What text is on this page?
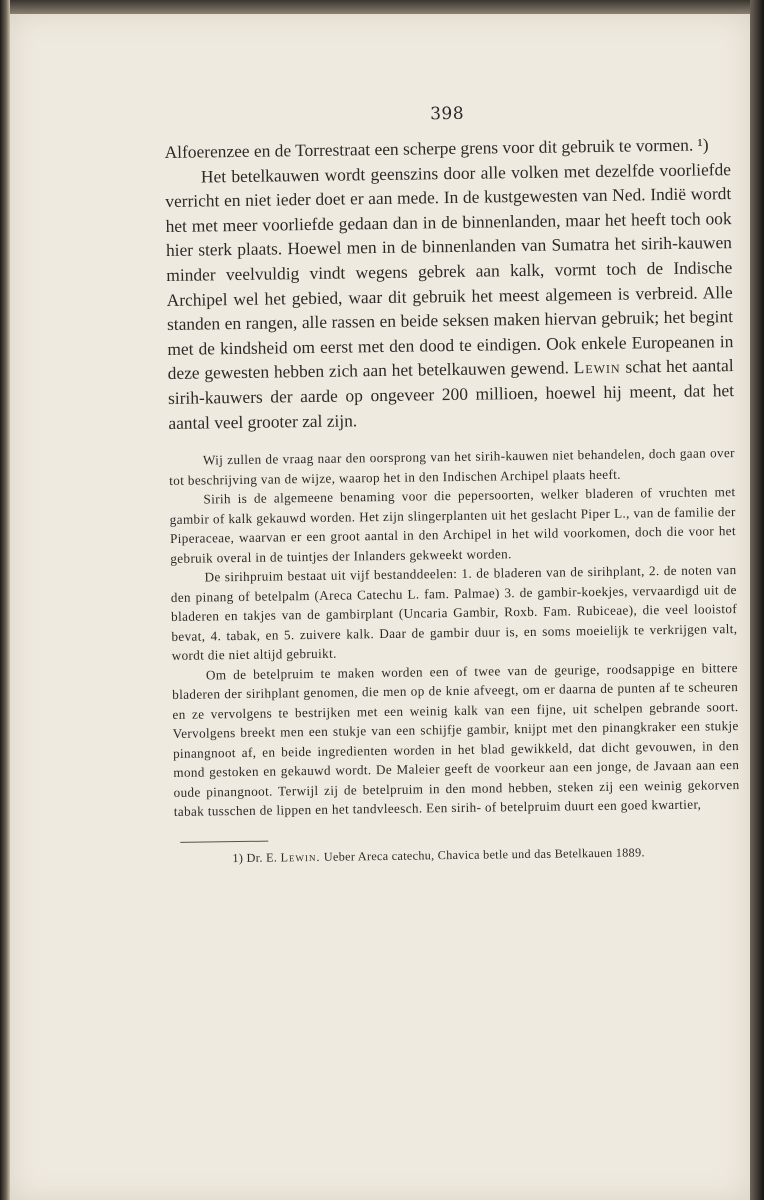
398

Alfoerenzee en de Torrestraat een scherpe grens voor dit gebruik te vormen. ¹)

Het betelkauwen wordt geenszins door alle volken met dezelfde voorliefde verricht en niet ieder doet er aan mede. In de kustgewesten van Ned. Indië wordt het met meer voorliefde gedaan dan in de binnenlanden, maar het heeft toch ook hier sterk plaats. Hoewel men in de binnenlanden van Sumatra het sirih-kauwen minder veelvuldig vindt wegens gebrek aan kalk, vormt toch de Indische Archipel wel het gebied, waar dit gebruik het meest algemeen is verbreid. Alle standen en rangen, alle rassen en beide seksen maken hiervan gebruik; het begint met de kindsheid om eerst met den dood te eindigen. Ook enkele Europeanen in deze gewesten hebben zich aan het betelkauwen gewend. Lewin schat het aantal sirih-kauwers der aarde op ongeveer 200 millioen, hoewel hij meent, dat het aantal veel grooter zal zijn.

Wij zullen de vraag naar den oorsprong van het sirih-kauwen niet behandelen, doch gaan over tot beschrijving van de wijze, waarop het in den Indischen Archipel plaats heeft.

Sirih is de algemeene benaming voor die pepersoorten, welker bladeren of vruchten met gambir of kalk gekauwd worden. Het zijn slingerplanten uit het geslacht Piper L., van de familie der Piperaceae, waarvan er een groot aantal in den Archipel in het wild voorkomen, doch die voor het gebruik overal in de tuintjes der Inlanders gekweekt worden.

De sirihpruim bestaat uit vijf bestanddeelen: 1. de bladeren van de sirihplant, 2. de noten van den pinang of betelpalm (Areca Catechu L. fam. Palmae) 3. de gambir-koekjes, vervaardigd uit de bladeren en takjes van de gambirplant (Uncaria Gambir, Roxb. Fam. Rubiceae), die veel looistof bevat, 4. tabak, en 5. zuivere kalk. Daar de gambir duur is, en soms moeielijk te verkrijgen valt, wordt die niet altijd gebruikt.

Om de betelpruim te maken worden een of twee van de geurige, roodsappige en bittere bladeren der sirihplant genomen, die men op de knie afveegt, om er daarna de punten af te scheuren en ze vervolgens te bestrijken met een weinig kalk van een fijne, uit schelpen gebrande soort. Vervolgens breekt men een stukje van een schijfje gambir, knijpt met den pinangkraker een stukje pinangnoot af, en beide ingredienten worden in het blad gewikkeld, dat dicht gevouwen, in den mond gestoken en gekauwd wordt. De Maleier geeft de voorkeur aan een jonge, de Javaan aan een oude pinangnoot. Terwijl zij de betelpruim in den mond hebben, steken zij een weinig gekorven tabak tusschen de lippen en het tandvleesch. Een sirih- of betelpruim duurt een goed kwartier,

1) Dr. E. Lewin. Ueber Areca catechu, Chavica betle und das Betelkauen 1889.
